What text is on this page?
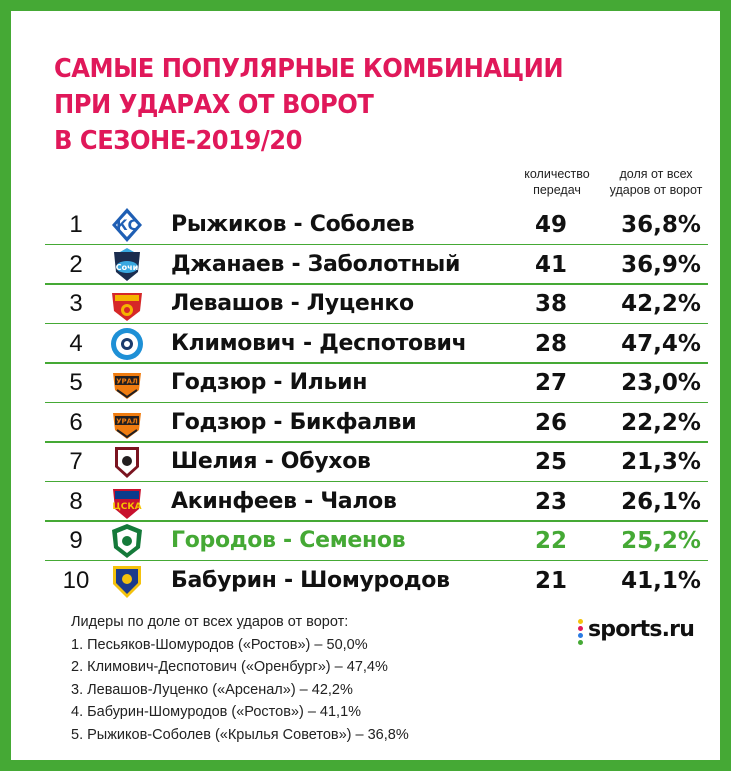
САМЫЕ ПОПУЛЯРНЫЕ КОМБИНАЦИИ
ПРИ УДАРАХ ОТ ВОРОТ
В СЕЗОНЕ-2019/20
количество
передач
доля от всех
ударов от ворот
1	КС Рыжиков - Соболев	49	36,8%
2	Сочи Джанаев - Заболотный	41	36,9%
3	Левашов - Луценко	38	42,2%
4	Климович - Деспотович	28	47,4%
5	УРАЛ Годзюр - Ильин	27	23,0%
6	УРАЛ Годзюр - Бикфалви	26	22,2%
7	Шелия - Обухов	25	21,3%
8	ЦСКА Акинфеев - Чалов	23	26,1%
9	Городов - Семенов	22	25,2%
10	Бабурин - Шомуродов	21	41,1%
Лидеры по доле от всех ударов от ворот:
1. Песьяков-Шомуродов («Ростов») – 50,0%
2. Климович-Деспотович («Оренбург») – 47,4%
3. Левашов-Луценко («Арсенал») – 42,2%
4. Бабурин-Шомуродов («Ростов») – 41,1%
5. Рыжиков-Соболев («Крылья Советов») – 36,8%
sports.ru
